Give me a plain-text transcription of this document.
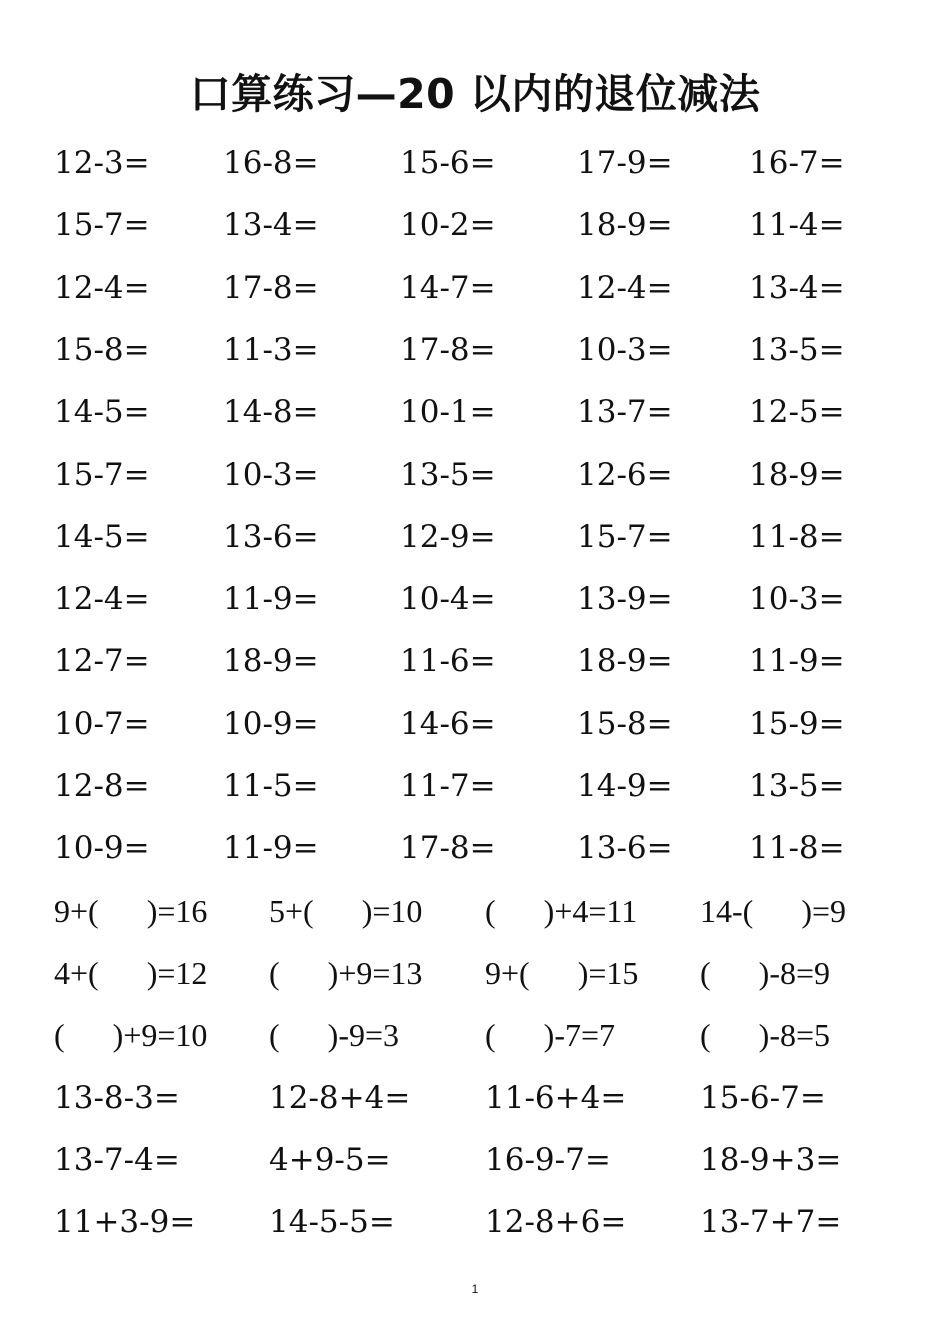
口算练习—20 以内的退位减法
12-3= 16-8=	15-6=	17-9= 16-7=
15-7= 13-4=	10-2=	18-9= 11-4=
12-4= 17-8=	14-7=	12-4= 13-4=
15-8= 11-3=	17-8=	10-3= 13-5=
14-5= 14-8=	10-1=	13-7= 12-5=
15-7= 10-3=	13-5=	12-6= 18-9=
14-5= 13-6=	12-9=	15-7= 11-8=
12-4= 11-9=	10-4=	13-9= 10-3=
12-7= 18-9=	11-6=	18-9= 11-9=
10-7= 10-9=	14-6=	15-8= 15-9=
12-8= 11-5=	11-7=	14-9= 13-5=
10-9= 11-9=	17-8=	13-6= 11-8=
9+(      )=16 5+(      )=10 (      )+4=11 14-(      )=9
4+(      )=12 (      )+9=13 9+(      )=15 (      )-8=9
(      )+9=10 (      )-9=3	(      )-7=7	(      )-8=5
13-8-3=	12-8+4= 11-6+4= 15-6-7=
13-7-4=	4+9-5=	16-9-7=	18-9+3=
11+3-9= 14-5-5=	12-8+6= 13-7+7=
1
